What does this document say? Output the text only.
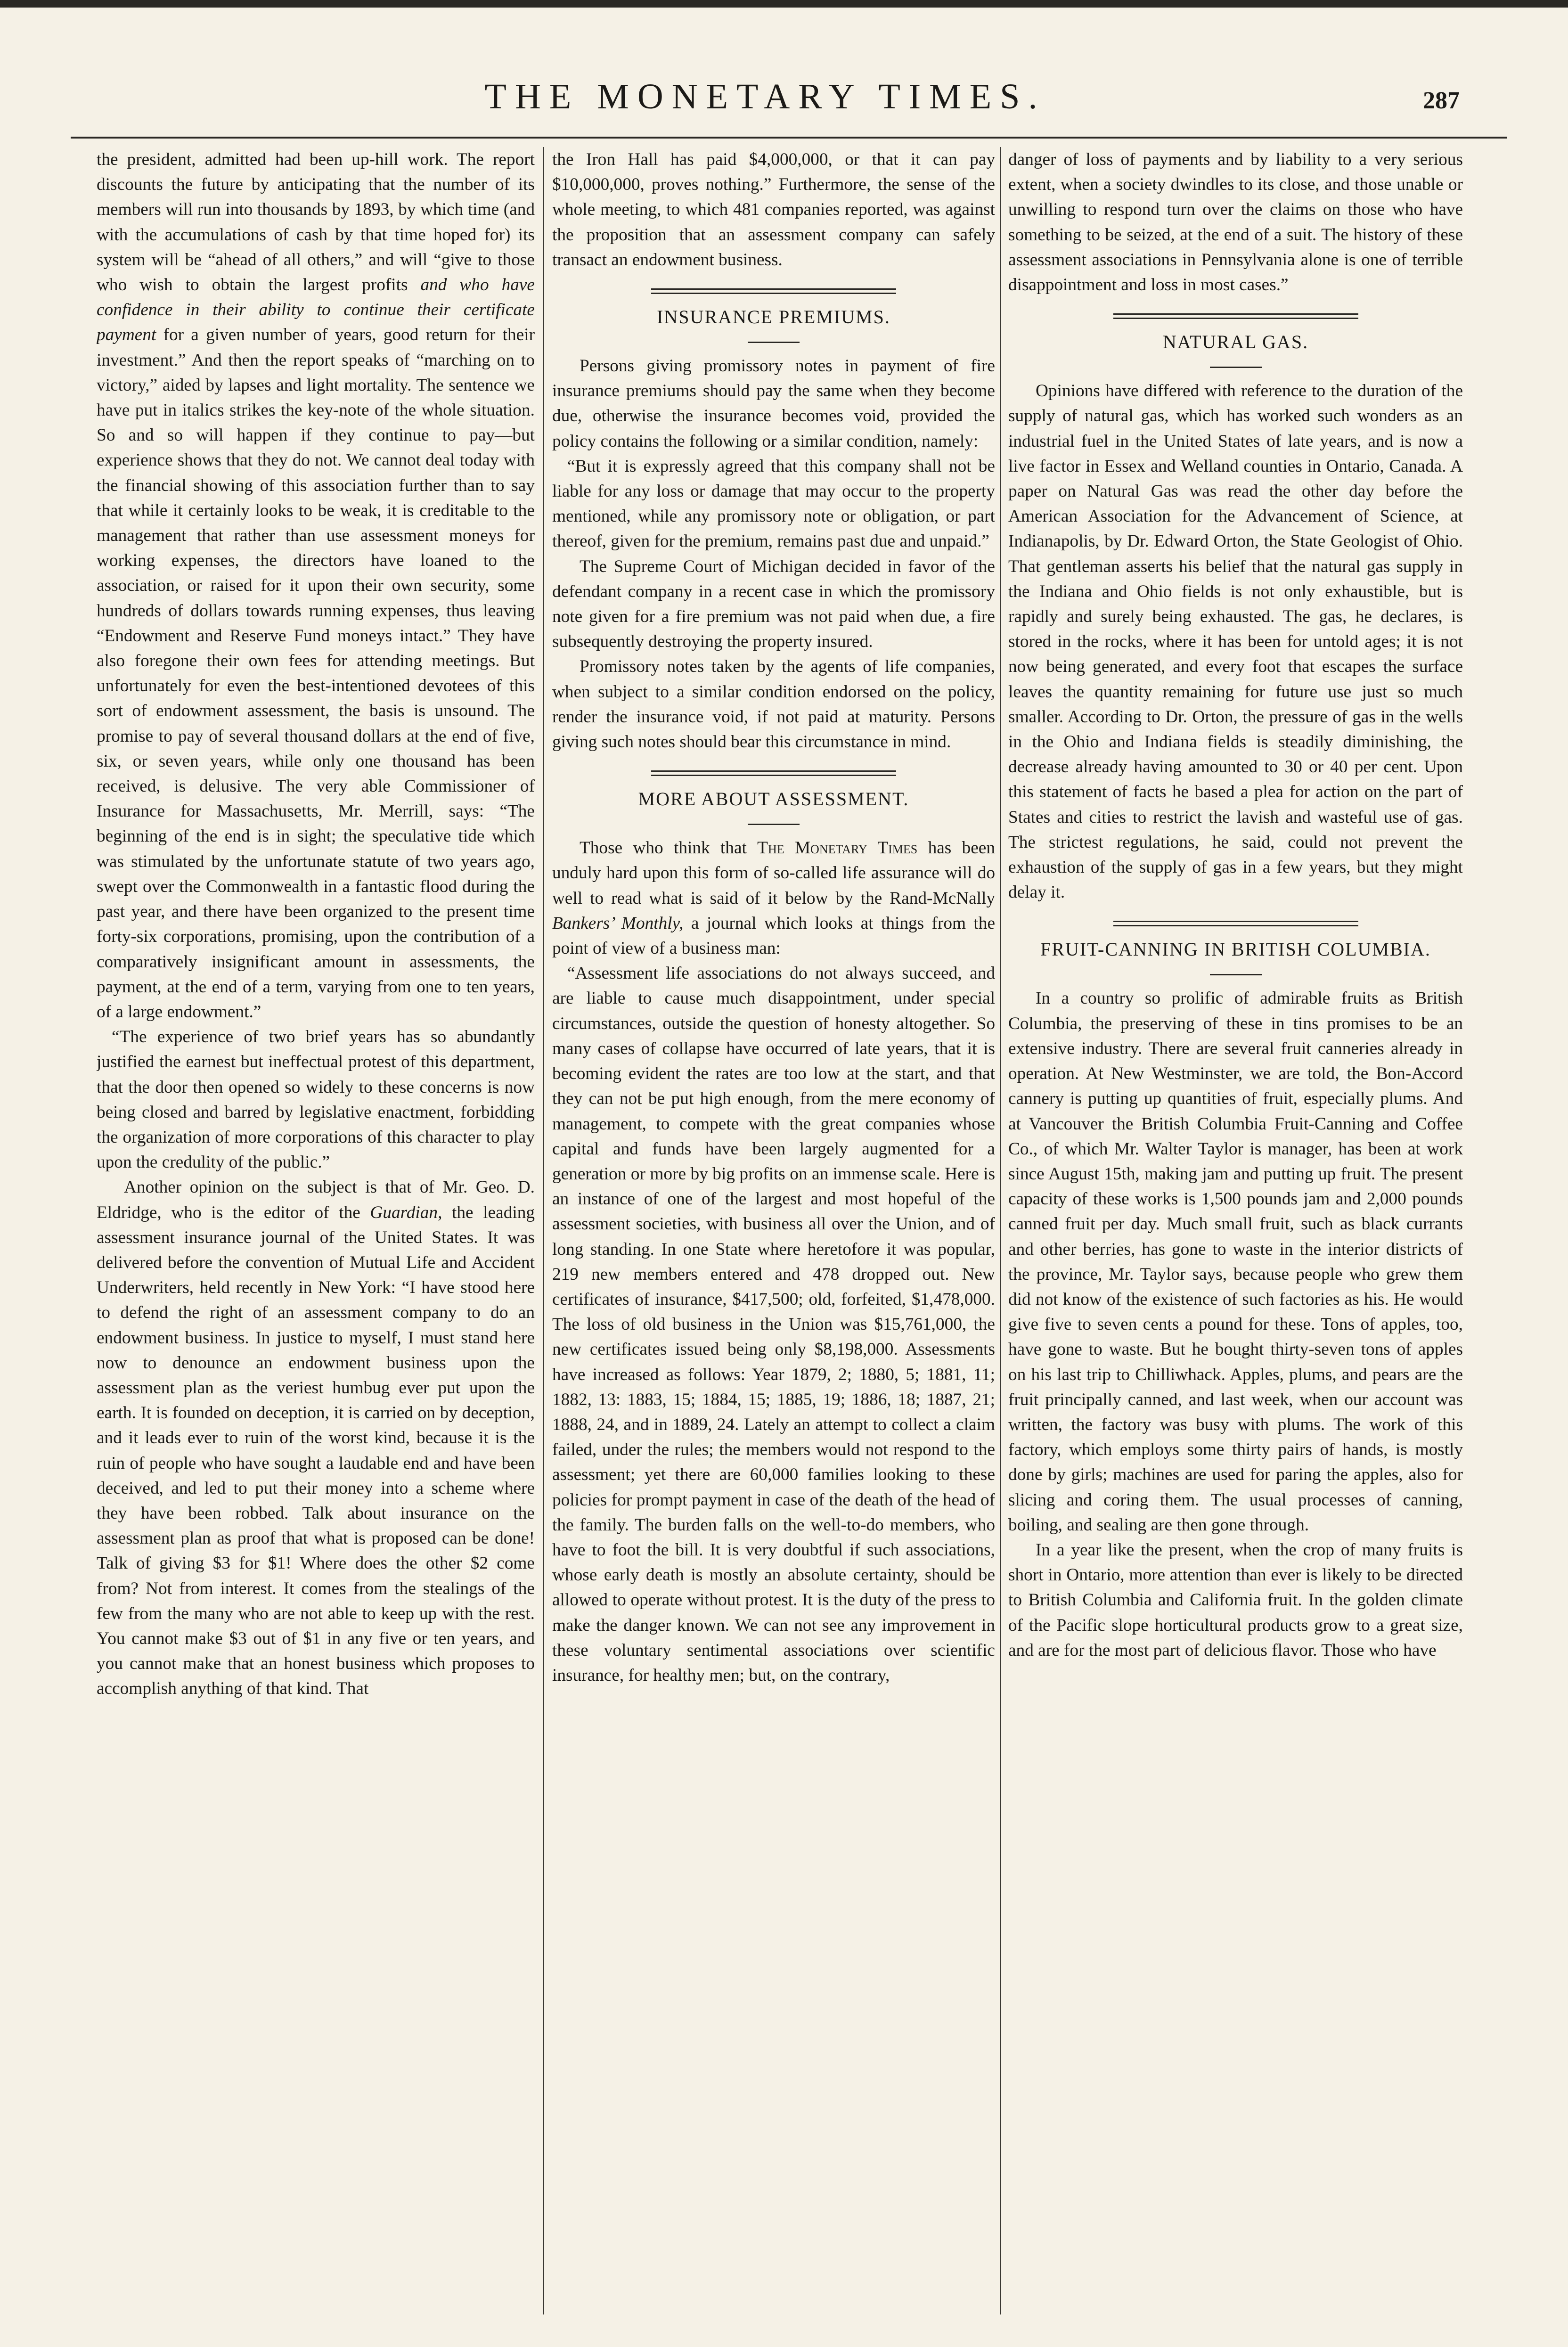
THE MONETARY TIMES.	287

the president, admitted had been up-hill work. The report discounts the future by anticipating that the number of its members will run into thousands by 1893, by which time (and with the accumulations of cash by that time hoped for) its system will be “ahead of all others,” and will “give to those who wish to obtain the largest profits and who have confidence in their ability to continue their certificate payment for a given number of years, good return for their investment.” And then the report speaks of “marching on to victory,” aided by lapses and light mortality. The sentence we have put in italics strikes the key-note of the whole situation. So and so will happen if they continue to pay—but experience shows that they do not. We cannot deal today with the financial showing of this association further than to say that while it certainly looks to be weak, it is creditable to the management that rather than use assessment moneys for working expenses, the directors have loaned to the association, or raised for it upon their own security, some hundreds of dollars towards running expenses, thus leaving “Endowment and Reserve Fund moneys intact.” They have also foregone their own fees for attending meetings. But unfortunately for even the best-intentioned devotees of this sort of endowment assessment, the basis is unsound. The promise to pay of several thousand dollars at the end of five, six, or seven years, while only one thousand has been received, is delusive. The very able Commissioner of Insurance for Massachusetts, Mr. Merrill, says: “The beginning of the end is in sight; the speculative tide which was stimulated by the unfortunate statute of two years ago, swept over the Commonwealth in a fantastic flood during the past year, and there have been organized to the present time forty-six corporations, promising, upon the contribution of a comparatively insignificant amount in assessments, the payment, at the end of a term, varying from one to ten years, of a large endowment.”

“The experience of two brief years has so abundantly justified the earnest but ineffectual protest of this department, that the door then opened so widely to these concerns is now being closed and barred by legislative enactment, forbidding the organization of more corporations of this character to play upon the credulity of the public.”

Another opinion on the subject is that of Mr. Geo. D. Eldridge, who is the editor of the Guardian, the leading assessment insurance journal of the United States. It was delivered before the convention of Mutual Life and Accident Underwriters, held recently in New York: “I have stood here to defend the right of an assessment company to do an endowment business. In justice to myself, I must stand here now to denounce an endowment business upon the assessment plan as the veriest humbug ever put upon the earth. It is founded on deception, it is carried on by deception, and it leads ever to ruin of the worst kind, because it is the ruin of people who have sought a laudable end and have been deceived, and led to put their money into a scheme where they have been robbed. Talk about insurance on the assessment plan as proof that what is proposed can be done! Talk of giving $3 for $1! Where does the other $2 come from? Not from interest. It comes from the stealings of the few from the many who are not able to keep up with the rest. You cannot make $3 out of $1 in any five or ten years, and you cannot make that an honest business which proposes to accomplish anything of that kind. That

the Iron Hall has paid $4,000,000, or that it can pay $10,000,000, proves nothing.” Furthermore, the sense of the whole meeting, to which 481 companies reported, was against the proposition that an assessment company can safely transact an endowment business.

INSURANCE PREMIUMS.

Persons giving promissory notes in payment of fire insurance premiums should pay the same when they become due, otherwise the insurance becomes void, provided the policy contains the following or a similar condition, namely:

“But it is expressly agreed that this company shall not be liable for any loss or damage that may occur to the property mentioned, while any promissory note or obligation, or part thereof, given for the premium, remains past due and unpaid.”

The Supreme Court of Michigan decided in favor of the defendant company in a recent case in which the promissory note given for a fire premium was not paid when due, a fire subsequently destroying the property insured.

Promissory notes taken by the agents of life companies, when subject to a similar condition endorsed on the policy, render the insurance void, if not paid at maturity. Persons giving such notes should bear this circumstance in mind.

MORE ABOUT ASSESSMENT.

Those who think that The Monetary Times has been unduly hard upon this form of so-called life assurance will do well to read what is said of it below by the Rand-McNally Bankers’ Monthly, a journal which looks at things from the point of view of a business man:

“Assessment life associations do not always succeed, and are liable to cause much disappointment, under special circumstances, outside the question of honesty altogether. So many cases of collapse have occurred of late years, that it is becoming evident the rates are too low at the start, and that they can not be put high enough, from the mere economy of management, to compete with the great companies whose capital and funds have been largely augmented for a generation or more by big profits on an immense scale. Here is an instance of one of the largest and most hopeful of the assessment societies, with business all over the Union, and of long standing. In one State where heretofore it was popular, 219 new members entered and 478 dropped out. New certificates of insurance, $417,500; old, forfeited, $1,478,000. The loss of old business in the Union was $15,761,000, the new certificates issued being only $8,198,000. Assessments have increased as follows: Year 1879, 2; 1880, 5; 1881, 11; 1882, 13: 1883, 15; 1884, 15; 1885, 19; 1886, 18; 1887, 21; 1888, 24, and in 1889, 24. Lately an attempt to collect a claim failed, under the rules; the members would not respond to the assessment; yet there are 60,000 families looking to these policies for prompt payment in case of the death of the head of the family. The burden falls on the well-to-do members, who have to foot the bill. It is very doubtful if such associations, whose early death is mostly an absolute certainty, should be allowed to operate without protest. It is the duty of the press to make the danger known. We can not see any improvement in these voluntary sentimental associations over scientific insurance, for healthy men; but, on the contrary,

danger of loss of payments and by liability to a very serious extent, when a society dwindles to its close, and those unable or unwilling to respond turn over the claims on those who have something to be seized, at the end of a suit. The history of these assessment associations in Pennsylvania alone is one of terrible disappointment and loss in most cases.”

NATURAL GAS.

Opinions have differed with reference to the duration of the supply of natural gas, which has worked such wonders as an industrial fuel in the United States of late years, and is now a live factor in Essex and Welland counties in Ontario, Canada. A paper on Natural Gas was read the other day before the American Association for the Advancement of Science, at Indianapolis, by Dr. Edward Orton, the State Geologist of Ohio. That gentleman asserts his belief that the natural gas supply in the Indiana and Ohio fields is not only exhaustible, but is rapidly and surely being exhausted. The gas, he declares, is stored in the rocks, where it has been for untold ages; it is not now being generated, and every foot that escapes the surface leaves the quantity remaining for future use just so much smaller. According to Dr. Orton, the pressure of gas in the wells in the Ohio and Indiana fields is steadily diminishing, the decrease already having amounted to 30 or 40 per cent. Upon this statement of facts he based a plea for action on the part of States and cities to restrict the lavish and wasteful use of gas. The strictest regulations, he said, could not prevent the exhaustion of the supply of gas in a few years, but they might delay it.

FRUIT-CANNING IN BRITISH COLUMBIA.

In a country so prolific of admirable fruits as British Columbia, the preserving of these in tins promises to be an extensive industry. There are several fruit canneries already in operation. At New Westminster, we are told, the Bon-Accord cannery is putting up quantities of fruit, especially plums. And at Vancouver the British Columbia Fruit-Canning and Coffee Co., of which Mr. Walter Taylor is manager, has been at work since August 15th, making jam and putting up fruit. The present capacity of these works is 1,500 pounds jam and 2,000 pounds canned fruit per day. Much small fruit, such as black currants and other berries, has gone to waste in the interior districts of the province, Mr. Taylor says, because people who grew them did not know of the existence of such factories as his. He would give five to seven cents a pound for these. Tons of apples, too, have gone to waste. But he bought thirty-seven tons of apples on his last trip to Chilliwhack. Apples, plums, and pears are the fruit principally canned, and last week, when our account was written, the factory was busy with plums. The work of this factory, which employs some thirty pairs of hands, is mostly done by girls; machines are used for paring the apples, also for slicing and coring them. The usual processes of canning, boiling, and sealing are then gone through.

In a year like the present, when the crop of many fruits is short in Ontario, more attention than ever is likely to be directed to British Columbia and California fruit. In the golden climate of the Pacific slope horticultural products grow to a great size, and are for the most part of delicious flavor. Those who have
